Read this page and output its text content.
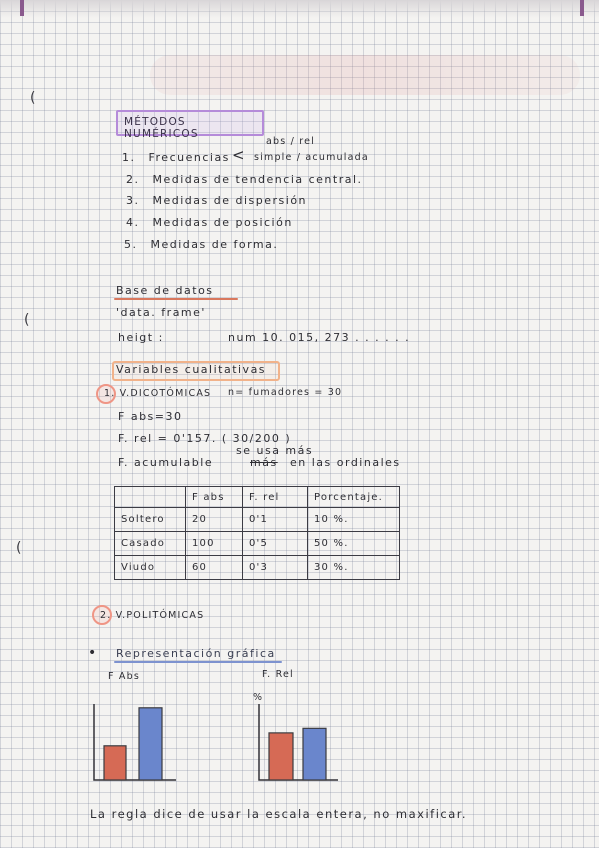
(
(
(
MÉTODOS NUMÉRICOS
1. Frecuencias
2. Medidas de tendencia central.
3. Medidas de dispersión
4. Medidas de posición
5. Medidas de forma.
abs / rel
< simple / acumulada
Base de datos
'data. frame'
heigt :	num 10. 015, 273 . . . . . .
Variables cualitativas
1. V.DICOTÓMICAS n= fumadores = 30
F abs=30
F. rel = 0'157. ( 30/200 )
se usa más
F. acumulable	más en las ordinales
	F abs	F. rel	Porcentaje.
Soltero	20	0'1	10 %.
Casado	100	0'5	50 %.
Viudo	60	0'3	30 %.
2. V.POLITÓMICAS
• Representación gráfica
F Abs	F. Rel
%
La regla dice de usar la escala entera, no maxificar.
